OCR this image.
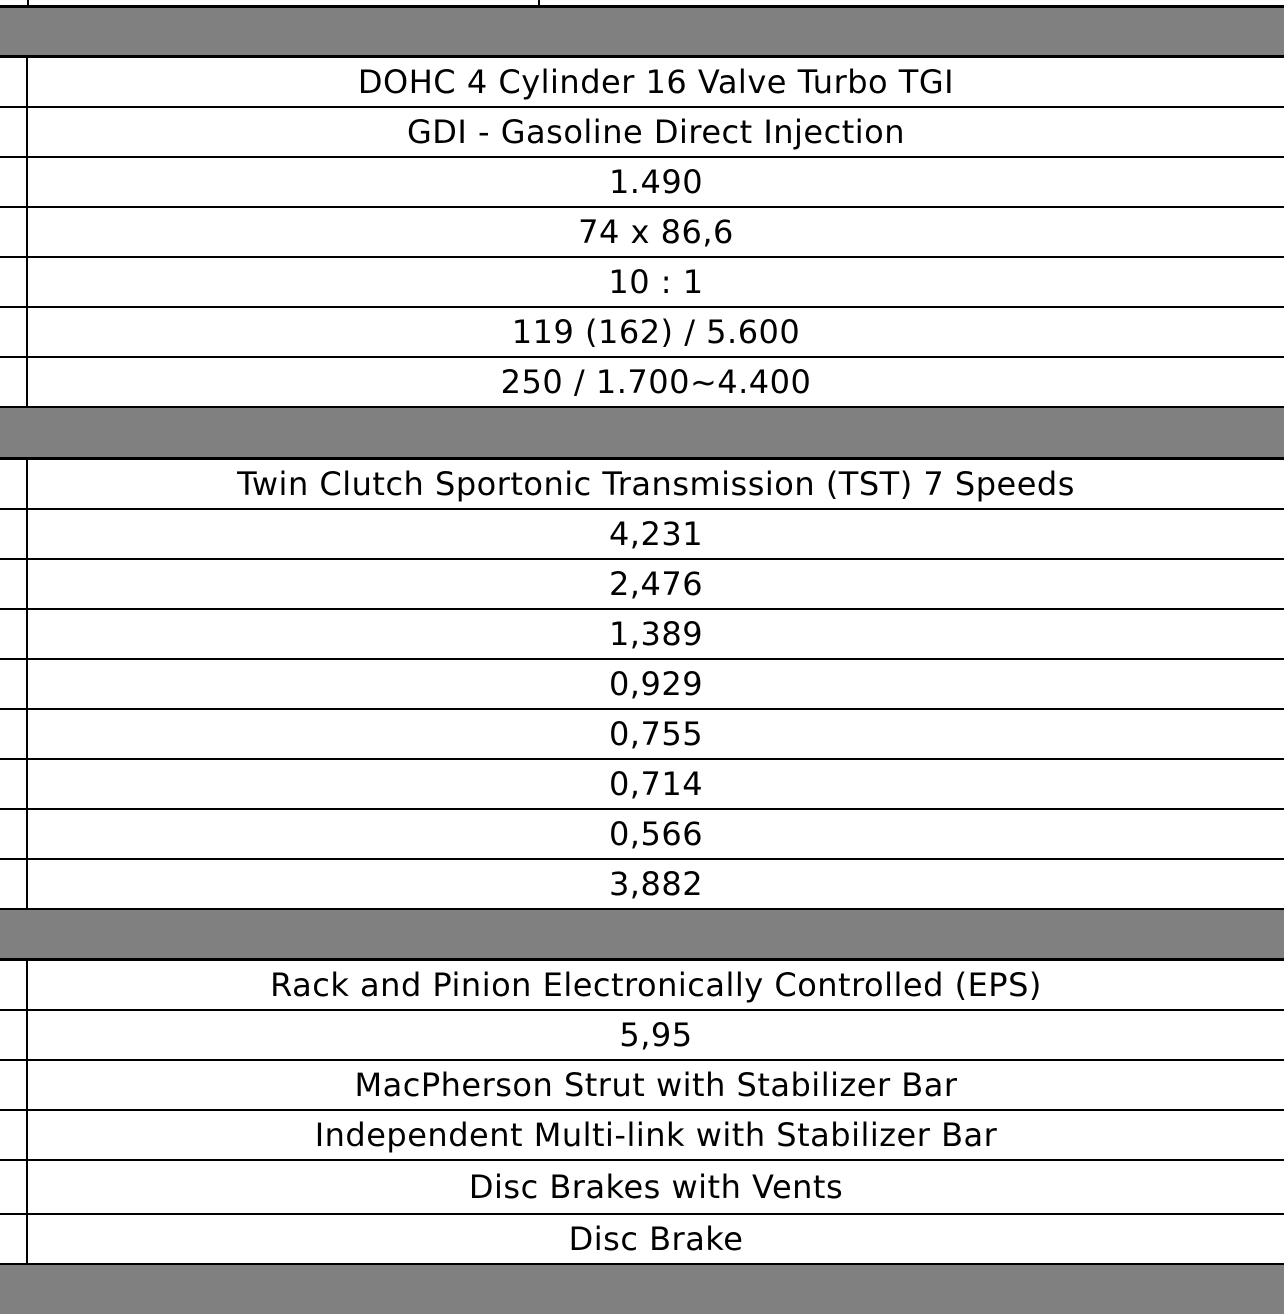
DOHC 4 Cylinder 16 Valve Turbo TGI
GDI - Gasoline Direct Injection
1.490
74 x 86,6
10 : 1
119 (162) / 5.600
250 / 1.700~4.400
Twin Clutch Sportonic Transmission (TST) 7 Speeds
4,231
2,476
1,389
0,929
0,755
0,714
0,566
3,882
Rack and Pinion Electronically Controlled (EPS)
5,95
MacPherson Strut with Stabilizer Bar
Independent Multi-link with Stabilizer Bar
Disc Brakes with Vents
Disc Brake
